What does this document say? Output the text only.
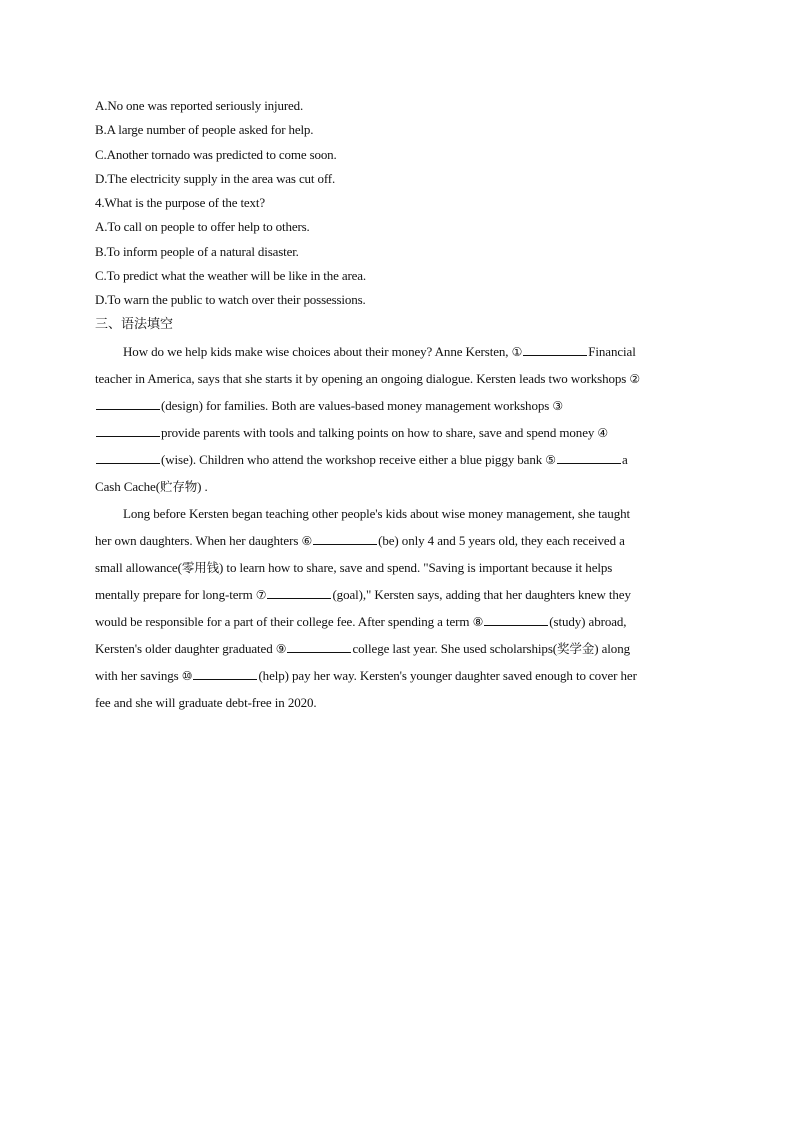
A.No one was reported seriously injured.
B.A large number of people asked for help.
C.Another tornado was predicted to come soon.
D.The electricity supply in the area was cut off.
4.What is the purpose of the text?
A.To call on people to offer help to others.
B.To inform people of a natural disaster.
C.To predict what the weather will be like in the area.
D.To warn the public to watch over their possessions.
三、语法填空
How do we help kids make wise choices about their money? Anne Kersten, ①	Financial
teacher in America, says that she starts it by opening an ongoing dialogue. Kersten leads two workshops ②
(design) for families. Both are values-based money management workshops ③
provide parents with tools and talking points on how to share, save and spend money ④
(wise). Children who attend the workshop receive either a blue piggy bank ⑤	a
Cash Cache(贮存物) .
Long before Kersten began teaching other people's kids about wise money management, she taught
her own daughters. When her daughters ⑥	(be) only 4 and 5 years old, they each received a
small allowance(零用钱) to learn how to share, save and spend. "Saving is important because it helps
mentally prepare for long-term ⑦	(goal)," Kersten says, adding that her daughters knew they
would be responsible for a part of their college fee. After spending a term ⑧	(study) abroad,
Kersten's older daughter graduated ⑨	college last year. She used scholarships(奖学金) along
with her savings ⑩	(help) pay her way. Kersten's younger daughter saved enough to cover her
fee and she will graduate debt-free in 2020.
